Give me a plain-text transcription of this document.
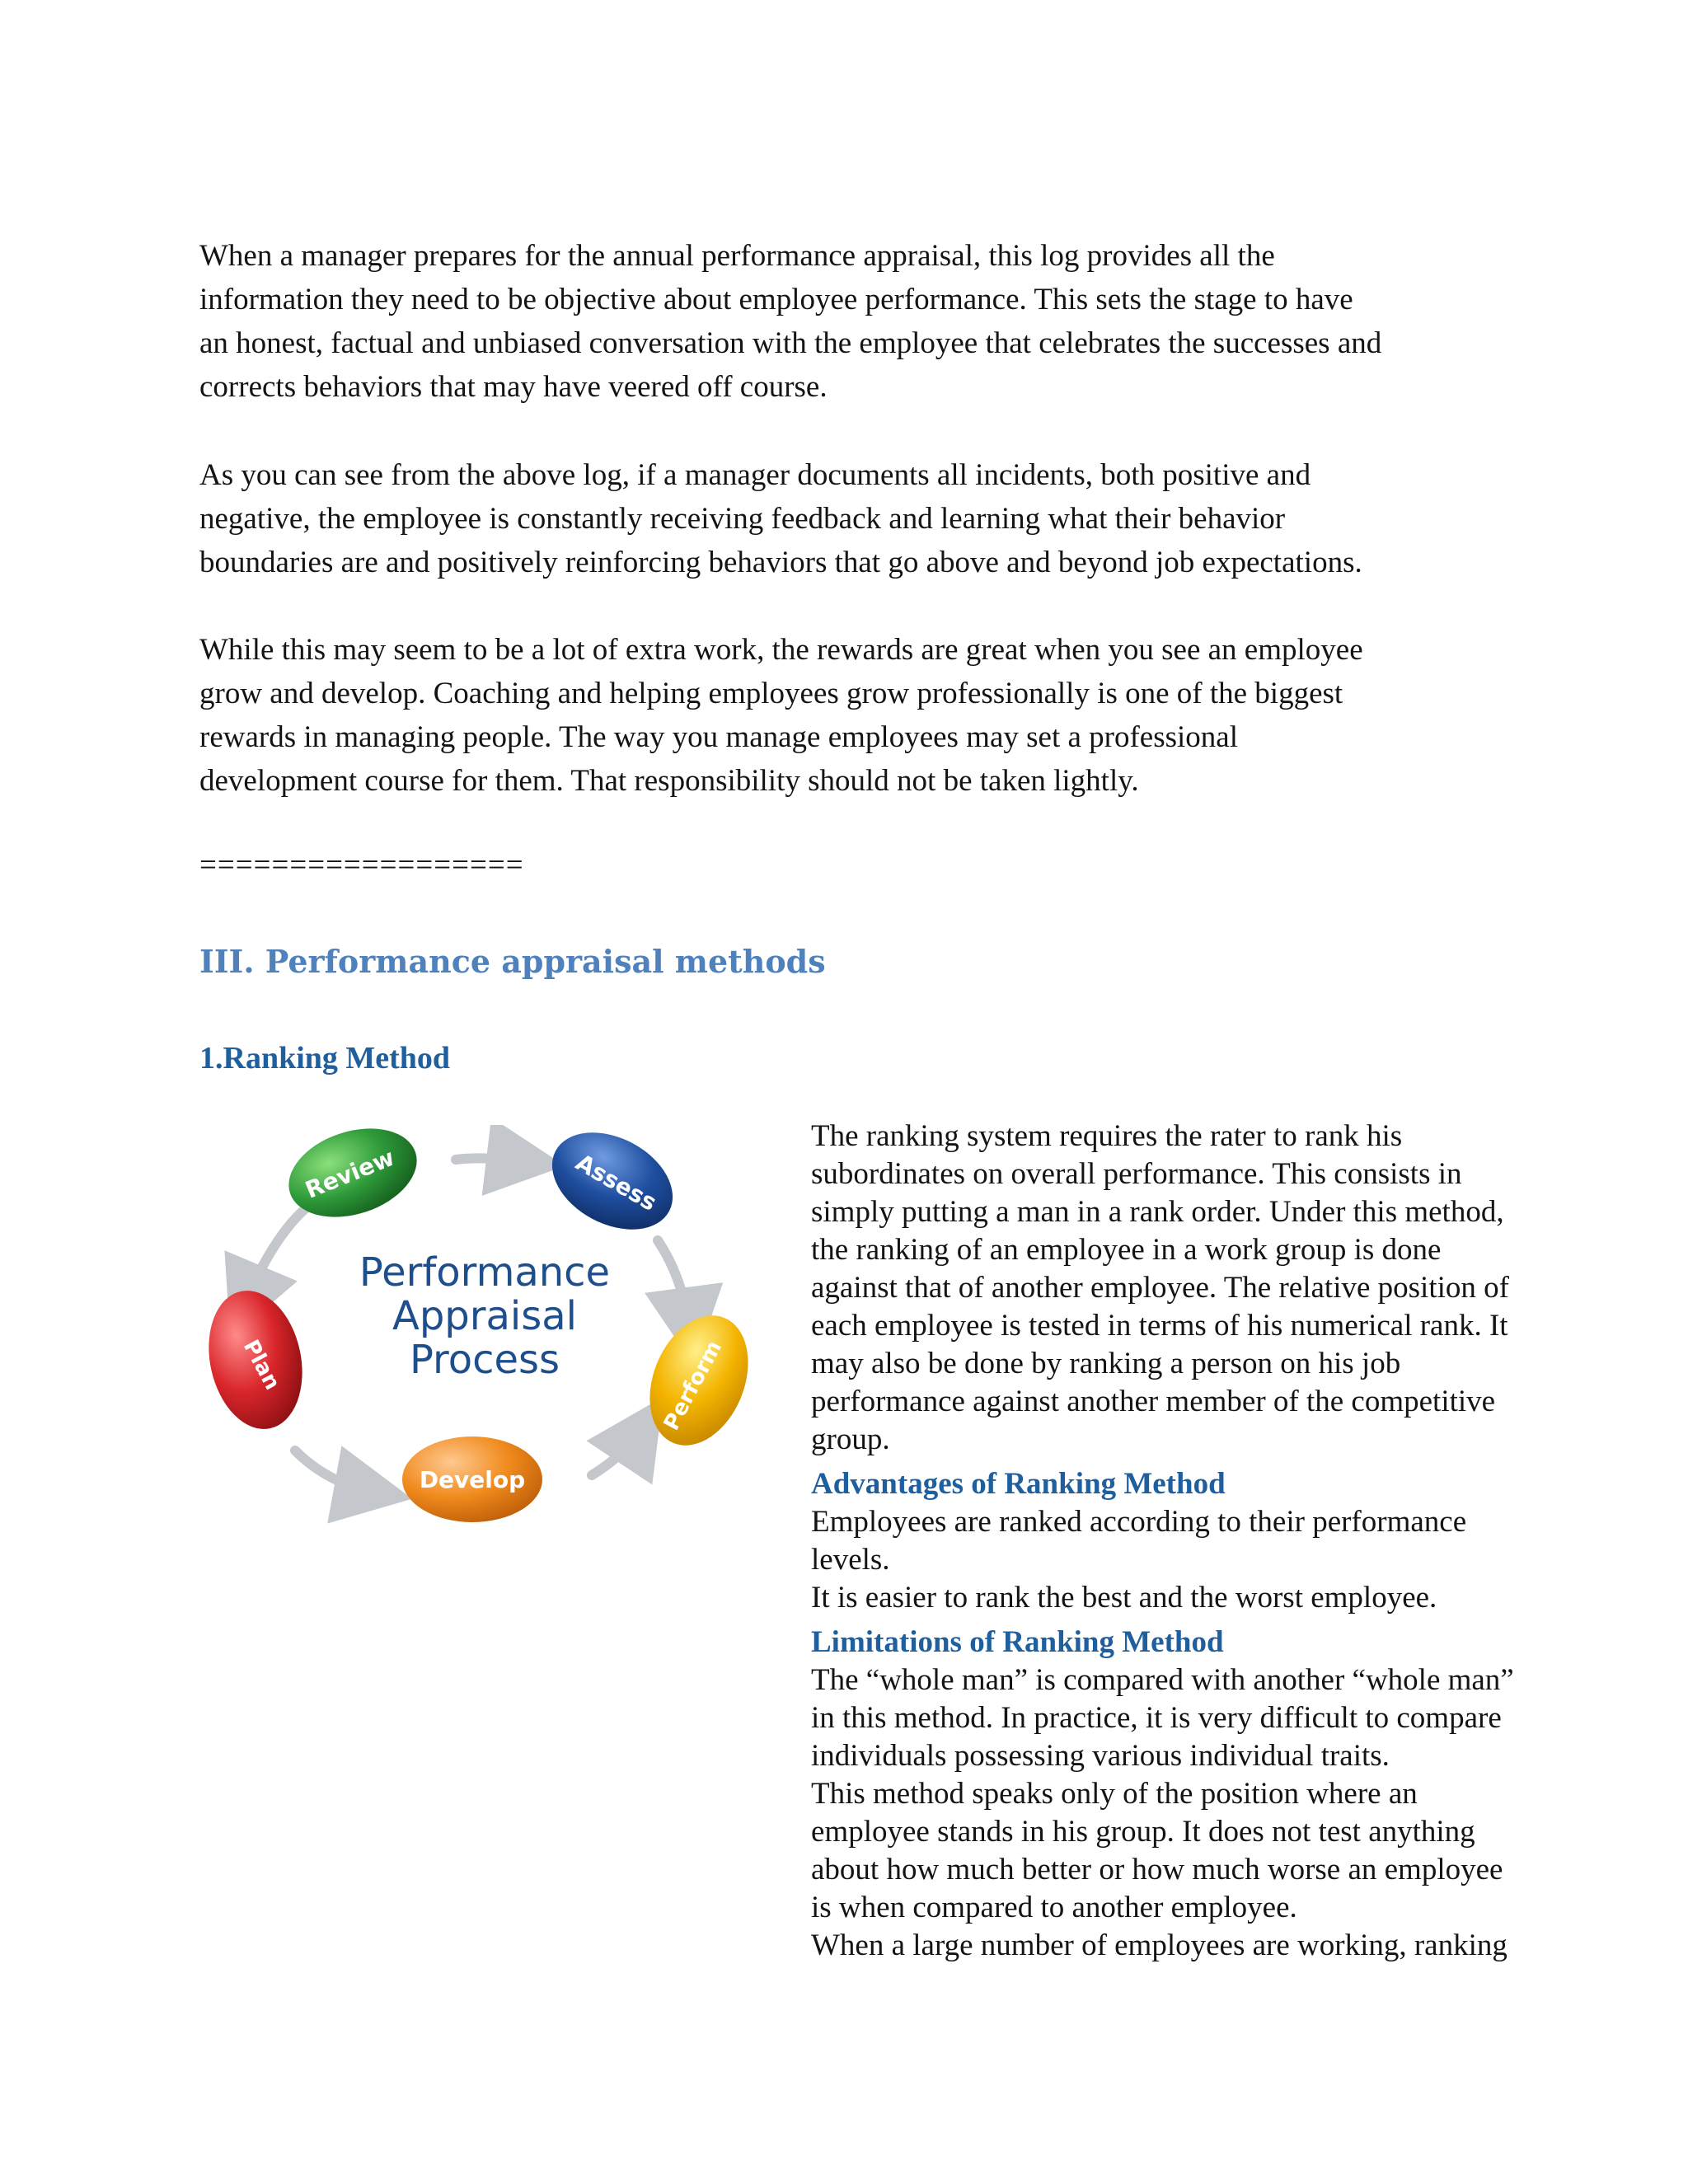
When a manager prepares for the annual performance appraisal, this log provides all the

information they need to be objective about employee performance. This sets the stage to have

an honest, factual and unbiased conversation with the employee that celebrates the successes and

corrects behaviors that may have veered off course.

As you can see from the above log, if a manager documents all incidents, both positive and

negative, the employee is constantly receiving feedback and learning what their behavior

boundaries are and positively reinforcing behaviors that go above and beyond job expectations.

While this may seem to be a lot of extra work, the rewards are great when you see an employee

grow and develop. Coaching and helping employees grow professionally is one of the biggest

rewards in managing people. The way you manage employees may set a professional

development course for them. That responsibility should not be taken lightly.

==================
III. Performance appraisal methods
1.Ranking Method
Review	Assess
Perform
Develop
Plan
Performance
Appraisal
Process

The ranking system requires the rater to rank his

subordinates on overall performance. This consists in

simply putting a man in a rank order. Under this method,

the ranking of an employee in a work group is done

against that of another employee. The relative position of

each employee is tested in terms of his numerical rank. It

may also be done by ranking a person on his job

performance against another member of the competitive

group.

Advantages of Ranking Method

Employees are ranked according to their performance

levels.

It is easier to rank the best and the worst employee.

Limitations of Ranking Method

The “whole man” is compared with another “whole man”

in this method. In practice, it is very difficult to compare

individuals possessing various individual traits.

This method speaks only of the position where an

employee stands in his group. It does not test anything

about how much better or how much worse an employee

is when compared to another employee.

When a large number of employees are working, ranking
